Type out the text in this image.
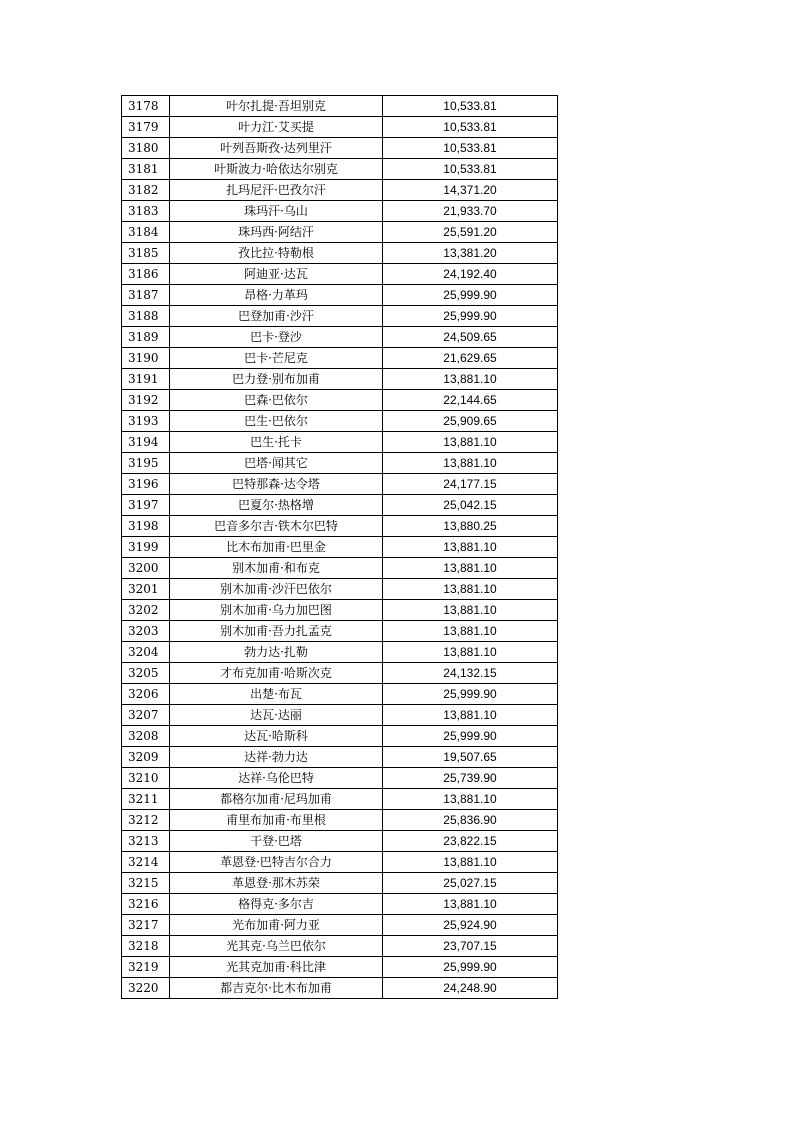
3178	叶尔扎提·吾坦别克	10,533.81
3179	叶力江·艾买提	10,533.81
3180	叶列吾斯孜·达列里汗	10,533.81
3181	叶斯波力·哈依达尔别克	10,533.81
3182	扎玛尼汗·巴孜尔汗	14,371.20
3183	珠玛汗·乌山	21,933.70
3184	珠玛西·阿结汗	25,591.20
3185	孜比拉·特勒根	13,381.20
3186	阿迪亚·达瓦	24,192.40
3187	昂格·力革玛	25,999.90
3188	巴登加甫·沙汗	25,999.90
3189	巴卡·登沙	24,509.65
3190	巴卡·芒尼克	21,629.65
3191	巴力登·别布加甫	13,881.10
3192	巴森·巴依尔	22,144.65
3193	巴生·巴依尔	25,909.65
3194	巴生·托卡	13,881.10
3195	巴塔·闻其它	13,881.10
3196	巴特那森·达令塔	24,177.15
3197	巴夏尔·热格增	25,042.15
3198	巴音多尔吉·铁木尔巴特	13,880.25
3199	比木布加甫·巴里金	13,881.10
3200	别木加甫·和布克	13,881.10
3201	别木加甫·沙汗巴依尔	13,881.10
3202	别木加甫·乌力加巴图	13,881.10
3203	别木加甫·吾力扎孟克	13,881.10
3204	勃力达·扎勒	13,881.10
3205	才布克加甫·哈斯次克	24,132.15
3206	出楚·布瓦	25,999.90
3207	达瓦·达丽	13,881.10
3208	达瓦·哈斯科	25,999.90
3209	达祥·勃力达	19,507.65
3210	达祥·乌伦巴特	25,739.90
3211	都格尔加甫·尼玛加甫	13,881.10
3212	甫里布加甫·布里根	25,836.90
3213	干登·巴塔	23,822.15
3214	革恩登·巴特吉尔合力	13,881.10
3215	革恩登·那木苏荣	25,027.15
3216	格得克·多尔吉	13,881.10
3217	光布加甫·阿力亚	25,924.90
3218	光其克·乌兰巴依尔	23,707.15
3219	光其克加甫·科比津	25,999.90
3220	都吉克尔·比木布加甫	24,248.90
